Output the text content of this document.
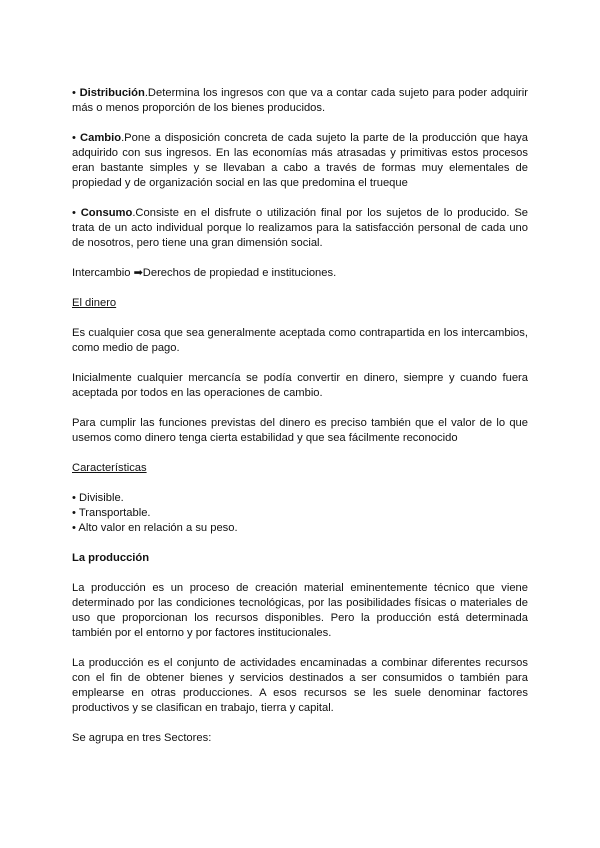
• Distribución.Determina los ingresos con que va a contar cada sujeto para poder adquirir más o menos proporción de los bienes producidos.

• Cambio.Pone a disposición concreta de cada sujeto la parte de la producción que haya adquirido con sus ingresos. En las economías más atrasadas y primitivas estos procesos eran bastante simples y se llevaban a cabo a través de formas muy elementales de propiedad y de organización social en las que predomina el trueque

• Consumo.Consiste en el disfrute o utilización final por los sujetos de lo producido. Se trata de un acto individual porque lo realizamos para la satisfacción personal de cada uno de nosotros, pero tiene una gran dimensión social.

Intercambio ➡Derechos de propiedad e instituciones.

El dinero

Es cualquier cosa que sea generalmente aceptada como contrapartida en los intercambios, como medio de pago.

Inicialmente cualquier mercancía se podía convertir en dinero, siempre y cuando fuera aceptada por todos en las operaciones de cambio.

Para cumplir las funciones previstas del dinero es preciso también que el valor de lo que usemos como dinero tenga cierta estabilidad y que sea fácilmente reconocido

Características

• Divisible.

• Transportable.

• Alto valor en relación a su peso.

La producción

La producción es un proceso de creación material eminentemente técnico que viene determinado por las condiciones tecnológicas, por las posibilidades físicas o materiales de uso que proporcionan los recursos disponibles. Pero la producción está determinada también por el entorno y por factores institucionales.

La producción es el conjunto de actividades encaminadas a combinar diferentes recursos con el fin de obtener bienes y servicios destinados a ser consumidos o también para emplearse en otras producciones. A esos recursos se les suele denominar factores productivos y se clasifican en trabajo, tierra y capital.

Se agrupa en tres Sectores:
